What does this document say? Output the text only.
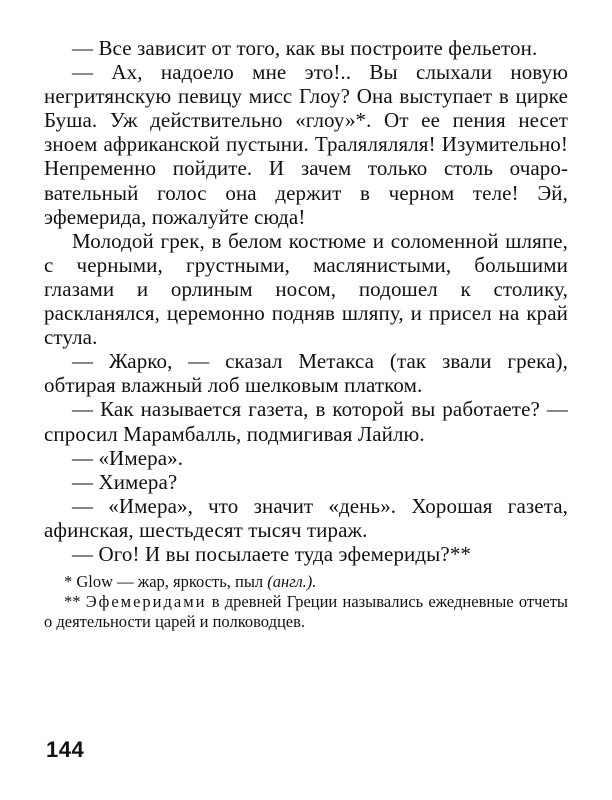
— Все зависит от того, как вы построите фельетон.

— Ах, надоело мне это!.. Вы слыхали новую негритянскую певицу мисс Глоу? Она выступает в цирке Буша. Уж действительно «глоу»*. От ее пения несет зноем африканской пустыни. Траляляляля! Изумительно! Непременно пойдите. И зачем только столь очаровательный голос она держит в черном теле! Эй, эфемерида, пожалуйте сюда!

Молодой грек, в белом костюме и соломенной шляпе, с черными, грустными, маслянистыми, большими глазами и орлиным носом, подошел к столику, раскланялся, церемонно подняв шляпу, и присел на край стула.

— Жарко, — сказал Метакса (так звали грека), обтирая влажный лоб шелковым платком.

— Как называется газета, в которой вы работаете? — спросил Марамбалль, подмигивая Лайлю.

— «Имера».

— Химера?

— «Имера», что значит «день». Хорошая газета, афинская, шестьдесят тысяч тираж.

— Ого! И вы посылаете туда эфемериды?**

* Glow — жар, яркость, пыл (англ.).

** Эфемеридами в древней Греции назывались ежедневные отчеты о деятельности царей и полководцев.

144
